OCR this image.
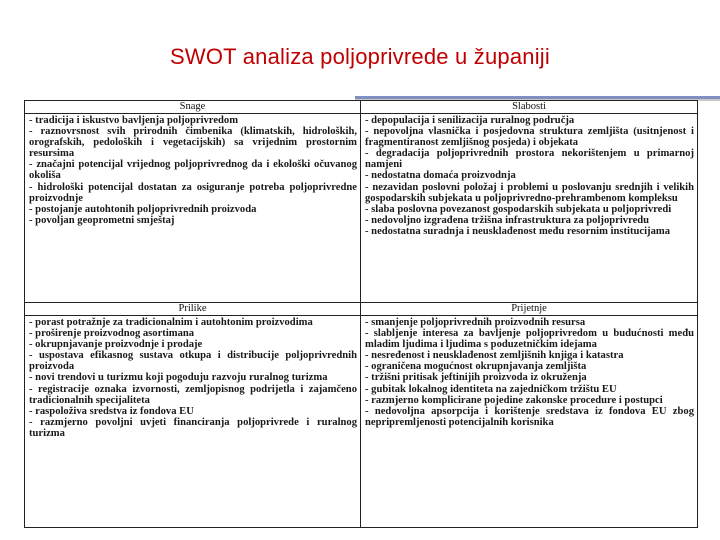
SWOT analiza poljoprivrede u županiji
Snage
- tradicija i iskustvo bavljenja poljoprivredom
- raznovrsnost svih prirodnih čimbenika (klimatskih, hidroloških, orografskih, pedoloških i vegetacijskih) sa vrijednim prostornim resursima
- značajni potencijal vrijednog poljoprivrednog da i ekološki očuvanog okoliša
- hidrološki potencijal dostatan za osiguranje potreba poljoprivredne proizvodnje
- postojanje autohtonih poljoprivrednih proizvoda
- povoljan geoprometni smještaj
Slabosti
- depopulacija i senilizacija ruralnog područja
- nepovoljna vlasnička i posjedovna struktura zemljišta (usitnjenost i fragmentiranost zemljišnog posjeda) i objekata
- degradacija poljoprivrednih prostora nekorištenjem u primarnoj namjeni
- nedostatna domaća proizvodnja
- nezavidan poslovni položaj i problemi u poslovanju srednjih i velikih gospodarskih subjekata u poljoprivredno-prehrambenom kompleksu
- slaba poslovna povezanost gospodarskih subjekata u poljoprivredi
- nedovoljno izgrađena tržišna infrastruktura za poljoprivredu
- nedostatna suradnja i neusklađenost među resornim institucijama
Prilike
- porast potražnje za tradicionalnim i autohtonim proizvodima
- proširenje proizvodnog asortimana
- okrupnjavanje proizvodnje i prodaje
- uspostava efikasnog sustava otkupa i distribucije poljoprivrednih proizvoda
- novi trendovi u turizmu koji pogoduju razvoju ruralnog turizma
- registracije oznaka izvornosti, zemljopisnog podrijetla i zajamčeno tradicionalnih specijaliteta
- raspoloživa sredstva iz fondova EU
- razmjerno povoljni uvjeti financiranja poljoprivrede i ruralnog turizma
Prijetnje
- smanjenje poljoprivrednih proizvodnih resursa
- slabljenje interesa za bavljenje poljoprivredom u budućnosti među mladim ljudima i ljudima s poduzetničkim idejama
- nesređenost i neusklađenost zemljišnih knjiga i katastra
- ograničena mogućnost okrupnjavanja zemljišta
- tržišni pritisak jeftinijih proizvoda iz okruženja
- gubitak lokalnog identiteta na zajedničkom tržištu EU
- razmjerno komplicirane pojedine zakonske procedure i postupci
- nedovoljna apsorpcija i korištenje sredstava iz fondova EU zbog nepripremljenosti potencijalnih korisnika
